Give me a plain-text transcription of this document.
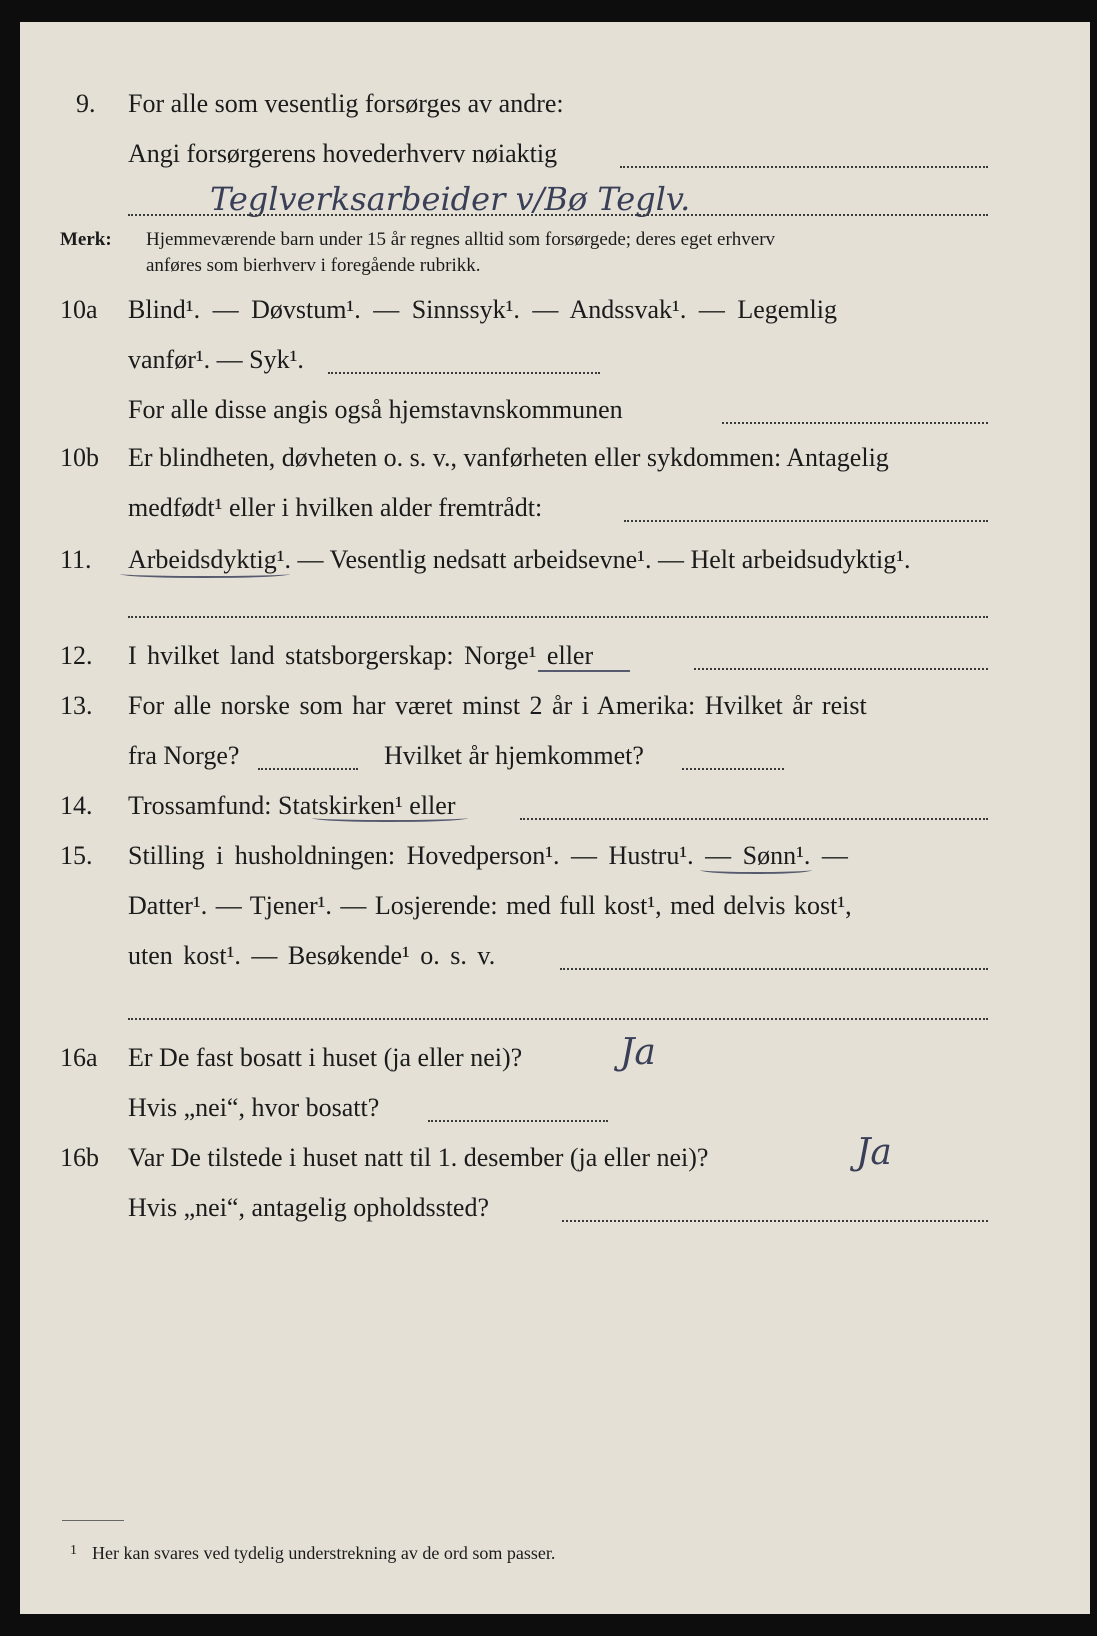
9. For alle som vesentlig forsørges av andre:
Angi forsørgerens hovederhverv nøiaktig
Teglverksarbeider v/Bø Teglv.
Merk: Hjemmeværende barn under 15 år regnes alltid som forsørgede; deres eget erhverv
anføres som bierhverv i foregående rubrikk.
10a Blind¹. — Døvstum¹. — Sinnssyk¹. — Andssvak¹. — Legemlig
vanfør¹. — Syk¹.
For alle disse angis også hjemstavnskommunen
10b Er blindheten, døvheten o. s. v., vanførheten eller sykdommen: Antagelig
medfødt¹ eller i hvilken alder fremtrådt:
11. Arbeidsdyktig¹. — Vesentlig nedsatt arbeidsevne¹. — Helt arbeidsudyktig¹.
12. I hvilket land statsborgerskap: Norge¹ eller
13. For alle norske som har været minst 2 år i Amerika: Hvilket år reist
fra Norge?	Hvilket år hjemkommet?
14. Trossamfund: Statskirken¹ eller
15. Stilling i husholdningen: Hovedperson¹. — Hustru¹. — Sønn¹. —
Datter¹. — Tjener¹. — Losjerende: med full kost¹, med delvis kost¹,
uten kost¹. — Besøkende¹ o. s. v.
16a Er De fast bosatt i huset (ja eller nei)?	Ja
Hvis „nei“, hvor bosatt?
16b Var De tilstede i huset natt til 1. desember (ja eller nei)?	Ja
Hvis „nei“, antagelig opholdssted?
1 Her kan svares ved tydelig understrekning av de ord som passer.
